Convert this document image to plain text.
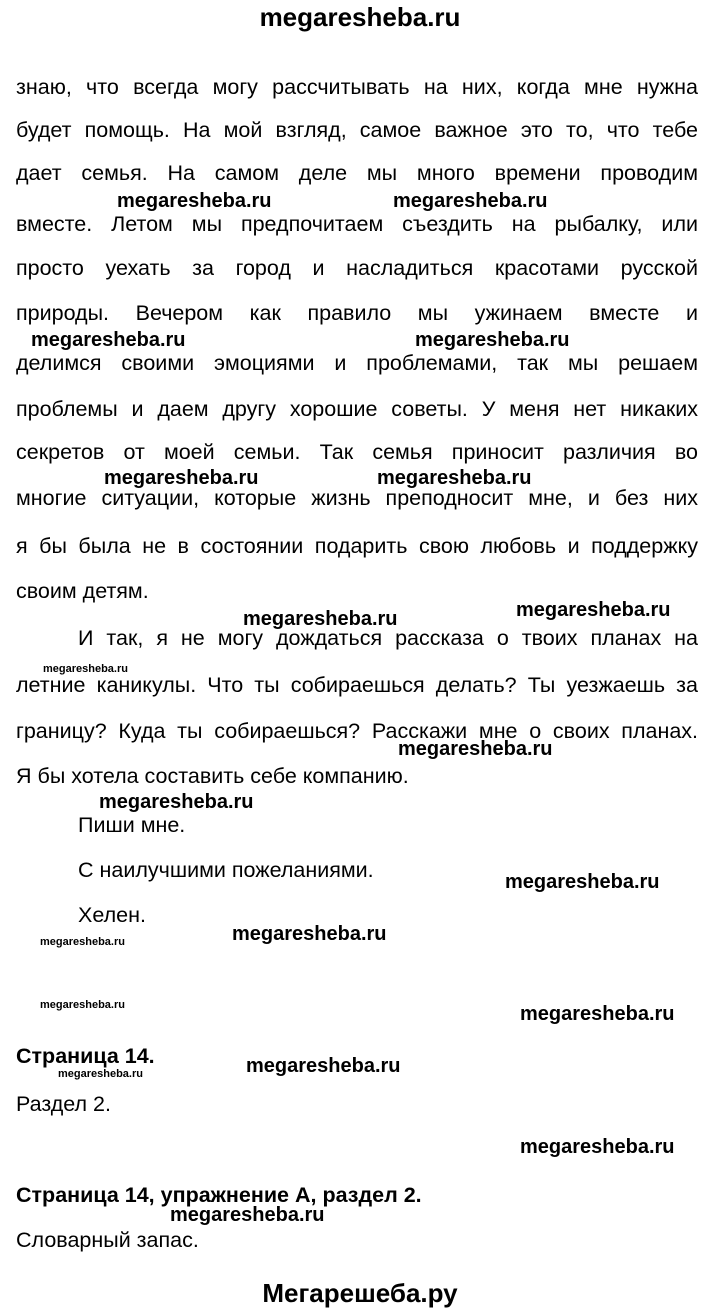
megaresheba.ru
знаю, что всегда могу рассчитывать на них, когда мне нужна
будет помощь. На мой взгляд, самое важное это то, что тебе
дает семья. На самом деле мы много времени проводим
вместе. Летом мы предпочитаем съездить на рыбалку, или
просто уехать за город и насладиться красотами русской
природы. Вечером как правило мы ужинаем вместе и
делимся своими эмоциями и проблемами, так мы решаем
проблемы и даем другу хорошие советы. У меня нет никаких
секретов от моей семьи. Так семья приносит различия во
многие ситуации, которые жизнь преподносит мне, и без них
я бы была не в состоянии подарить свою любовь и поддержку
своим детям.
И так, я не могу дождаться рассказа о твоих планах на
летние каникулы. Что ты собираешься делать? Ты уезжаешь за
границу? Куда ты собираешься? Расскажи мне о своих планах.
Я бы хотела составить себе компанию.
Пиши мне.
С наилучшими пожеланиями.
Хелен.
Страница 14.
Раздел 2.
Страница 14, упражнение A, раздел 2.
Словарный запас.
megaresheba.ru	megaresheba.ru
megaresheba.ru	megaresheba.ru
megaresheba.ru	megaresheba.ru
megaresheba.ru	megaresheba.ru
megaresheba.ru
megaresheba.ru
megaresheba.ru
megaresheba.ru
megaresheba.ru
megaresheba.ru
megaresheba.ru	megaresheba.ru
megaresheba.ru	megaresheba.ru
megaresheba.ru
megaresheba.ru
Мегарешеба.ру
